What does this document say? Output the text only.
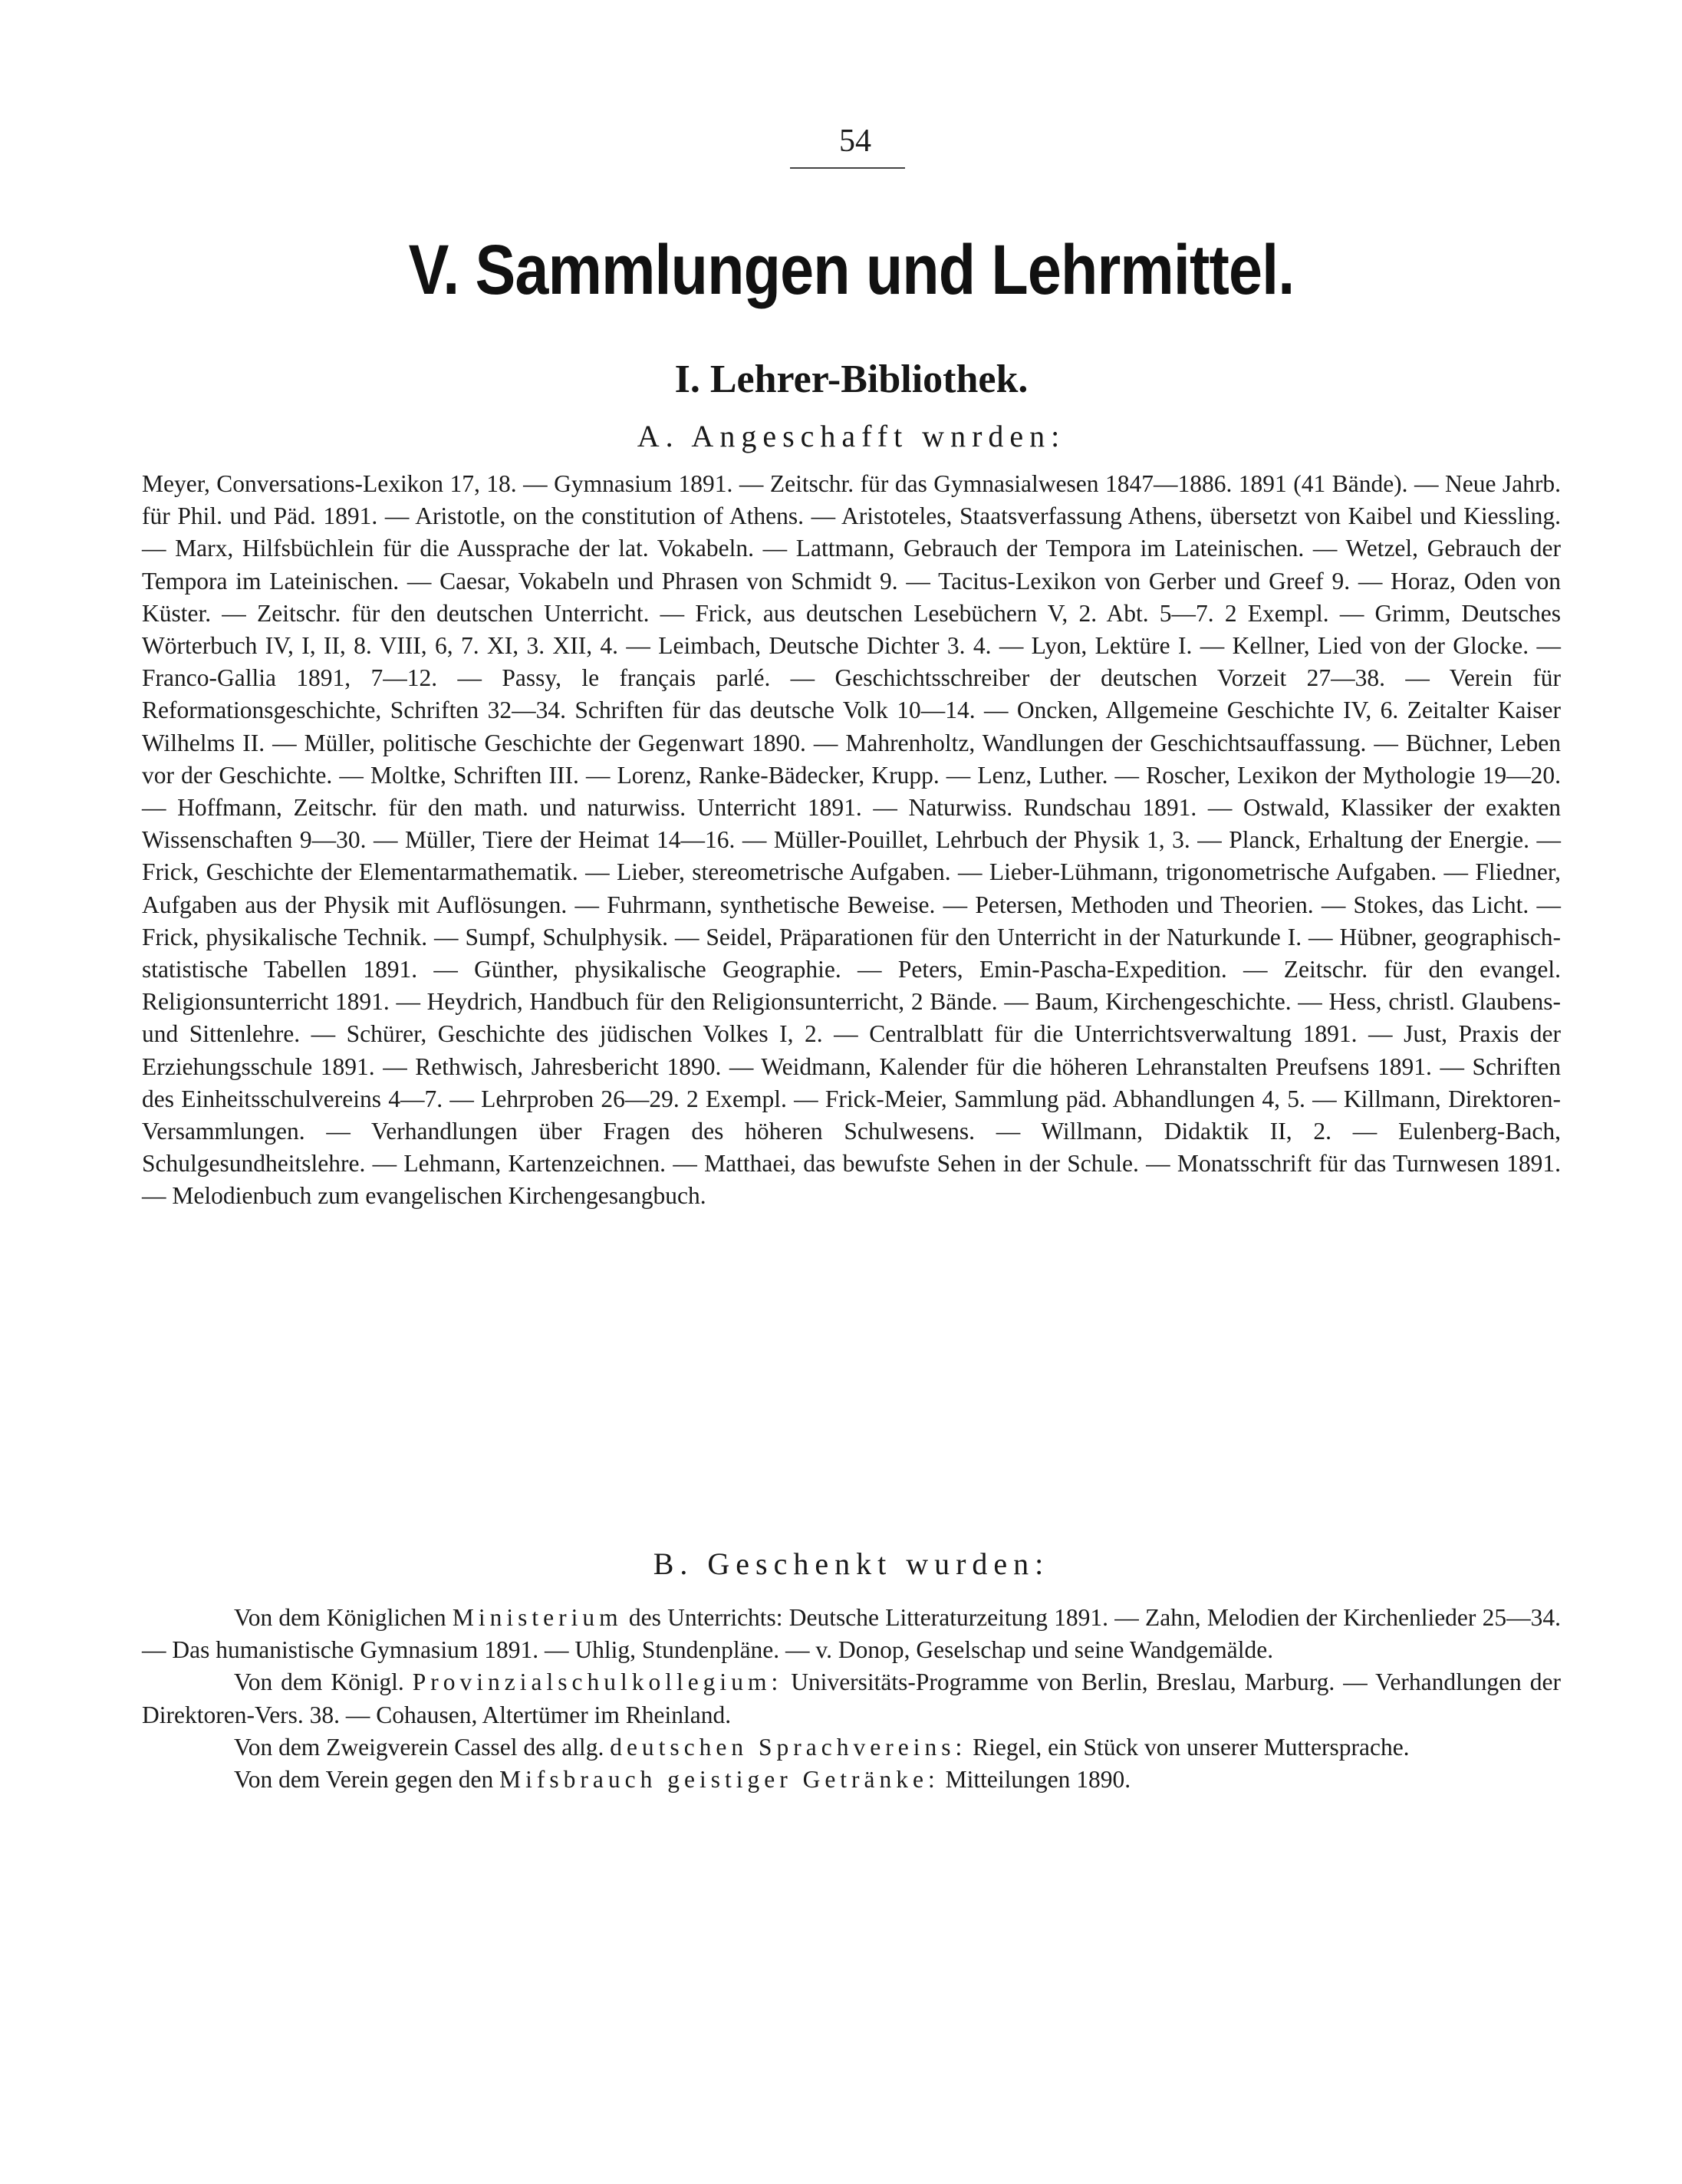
54
V. Sammlungen und Lehrmittel.
I. Lehrer-Bibliothek.
A. Angeschafft wnrden:

Meyer, Conversations-Lexikon 17, 18. — Gymnasium 1891. — Zeitschr. für das Gymnasialwesen 1847—1886. 1891 (41 Bände). — Neue Jahrb. für Phil. und Päd. 1891. — Aristotle, on the constitution of Athens. — Aristoteles, Staatsverfassung Athens, übersetzt von Kaibel und Kiessling. — Marx, Hilfsbüchlein für die Aussprache der lat. Vokabeln. — Lattmann, Gebrauch der Tempora im Lateinischen. — Wetzel, Gebrauch der Tempora im Lateinischen. — Caesar, Vokabeln und Phrasen von Schmidt 9. — Tacitus-Lexikon von Gerber und Greef 9. — Horaz, Oden von Küster. — Zeitschr. für den deutschen Unterricht. — Frick, aus deutschen Lesebüchern V, 2. Abt. 5—7. 2 Exempl. — Grimm, Deutsches Wörterbuch IV, I, II, 8. VIII, 6, 7. XI, 3. XII, 4. — Leimbach, Deutsche Dichter 3. 4. — Lyon, Lektüre I. — Kellner, Lied von der Glocke. — Franco-Gallia 1891, 7—12. — Passy, le français parlé. — Geschichtsschreiber der deutschen Vorzeit 27—38. — Verein für Reformationsgeschichte, Schriften 32—34. Schriften für das deutsche Volk 10—14. — Oncken, Allgemeine Geschichte IV, 6. Zeitalter Kaiser Wilhelms II. — Müller, politische Geschichte der Gegenwart 1890. — Mahrenholtz, Wandlungen der Geschichtsauffassung. — Büchner, Leben vor der Geschichte. — Moltke, Schriften III. — Lorenz, Ranke-Bädecker, Krupp. — Lenz, Luther. — Roscher, Lexikon der Mythologie 19—20. — Hoffmann, Zeitschr. für den math. und naturwiss. Unterricht 1891. — Naturwiss. Rundschau 1891. — Ostwald, Klassiker der exakten Wissenschaften 9—30. — Müller, Tiere der Heimat 14—16. — Müller-Pouillet, Lehrbuch der Physik 1, 3. — Planck, Erhaltung der Energie. — Frick, Geschichte der Elementarmathematik. — Lieber, stereometrische Aufgaben. — Lieber-Lühmann, trigonometrische Aufgaben. — Fliedner, Aufgaben aus der Physik mit Auflösungen. — Fuhrmann, synthetische Beweise. — Petersen, Methoden und Theorien. — Stokes, das Licht. — Frick, physikalische Technik. — Sumpf, Schulphysik. — Seidel, Präparationen für den Unterricht in der Naturkunde I. — Hübner, geographisch-statistische Tabellen 1891. — Günther, physikalische Geographie. — Peters, Emin-Pascha-Expedition. — Zeitschr. für den evangel. Religionsunterricht 1891. — Heydrich, Handbuch für den Religionsunterricht, 2 Bände. — Baum, Kirchengeschichte. — Hess, christl. Glaubens- und Sittenlehre. — Schürer, Geschichte des jüdischen Volkes I, 2. — Centralblatt für die Unterrichtsverwaltung 1891. — Just, Praxis der Erziehungsschule 1891. — Rethwisch, Jahresbericht 1890. — Weidmann, Kalender für die höheren Lehranstalten Preufsens 1891. — Schriften des Einheitsschulvereins 4—7. — Lehrproben 26—29. 2 Exempl. — Frick-Meier, Sammlung päd. Abhandlungen 4, 5. — Killmann, Direktoren-Versammlungen. — Verhandlungen über Fragen des höheren Schulwesens. — Willmann, Didaktik II, 2. — Eulenberg-Bach, Schulgesundheitslehre. — Lehmann, Kartenzeichnen. — Matthaei, das bewufste Sehen in der Schule. — Monatsschrift für das Turnwesen 1891. — Melodienbuch zum evangelischen Kirchengesangbuch.

B. Geschenkt wurden:

Von dem Königlichen Ministerium des Unterrichts: Deutsche Litteraturzeitung 1891. — Zahn, Melodien der Kirchenlieder 25—34. — Das humanistische Gymnasium 1891. — Uhlig, Stundenpläne. — v. Donop, Geselschap und seine Wandgemälde.

Von dem Königl. Provinzialschulkollegium: Universitäts-Programme von Berlin, Breslau, Marburg. — Verhandlungen der Direktoren-Vers. 38. — Cohausen, Altertümer im Rheinland.

Von dem Zweigverein Cassel des allg. deutschen Sprachvereins: Riegel, ein Stück von unserer Muttersprache.

Von dem Verein gegen den Mifsbrauch geistiger Getränke: Mitteilungen 1890.
